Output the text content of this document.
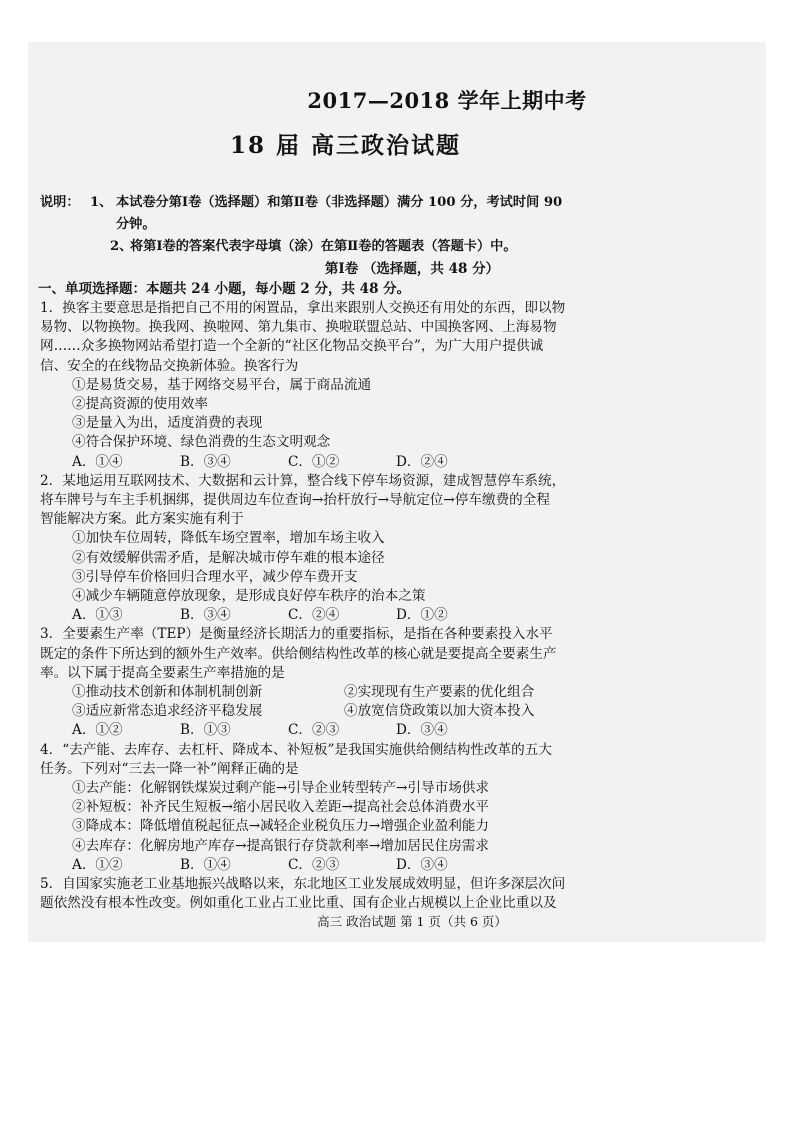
2017—2018 学年上期中考
18 届 高三政治试题
说明： 1、 本试卷分第Ⅰ卷（选择题）和第Ⅱ卷（非选择题）满分 100 分，考试时间 90
分钟。
2、
将第Ⅰ卷的答案代表字母填（涂）在第Ⅱ卷的答题表（答题卡）中。
第Ⅰ卷 （选择题，共 48 分）
一、单项选择题：本题共 24 小题，每小题 2 分，共 48 分。
1．换客主要意思是指把自己不用的闲置品，拿出来跟别人交换还有用处的东西，即以物
易物、以物换物。换我网、换啦网、第九集市、换啦联盟总站、中国换客网、上海易物
网……众多换物网站希望打造一个全新的“社区化物品交换平台”，为广大用户提供诚
信、安全的在线物品交换新体验。换客行为
①是易货交易，基于网络交易平台，属于商品流通
②提高资源的使用效率
③是量入为出，适度消费的表现
④符合保护环境、绿色消费的生态文明观念
A．①④	B．③④	C．①②	D．②④
2．某地运用互联网技术、大数据和云计算，整合线下停车场资源，建成智慧停车系统，
将车牌号与车主手机捆绑，提供周边车位查询→抬杆放行→导航定位→停车缴费的全程
智能解决方案。此方案实施有利于
①加快车位周转，降低车场空置率，增加车场主收入
②有效缓解供需矛盾，是解决城市停车难的根本途径
③引导停车价格回归合理水平，减少停车费开支
④减少车辆随意停放现象，是形成良好停车秩序的治本之策
A．①③	B．③④	C．②④	D．①②
3．全要素生产率（TEP）是衡量经济长期活力的重要指标，是指在各种要素投入水平
既定的条件下所达到的额外生产效率。供给侧结构性改革的核心就是要提高全要素生产
率。以下属于提高全要素生产率措施的是
①推动技术创新和体制机制创新	②实现现有生产要素的优化组合
③适应新常态追求经济平稳发展	④放宽信贷政策以加大资本投入
A．①②	B．①③	C．②③	D．③④
4．“去产能、去库存、去杠杆、降成本、补短板”是我国实施供给侧结构性改革的五大
任务。下列对“三去一降一补”阐释正确的是
①去产能：化解钢铁煤炭过剩产能→引导企业转型转产→引导市场供求
②补短板：补齐民生短板→缩小居民收入差距→提高社会总体消费水平
③降成本：降低增值税起征点→减轻企业税负压力→增强企业盈利能力
④去库存：化解房地产库存→提高银行存贷款利率→增加居民住房需求
A．①②	B．①④	C．②③	D．③④
5．自国家实施老工业基地振兴战略以来，东北地区工业发展成效明显，但许多深层次问
题依然没有根本性改变。例如重化工业占工业比重、国有企业占规模以上企业比重以及
高三 政治试题 第 1 页（共 6 页）
